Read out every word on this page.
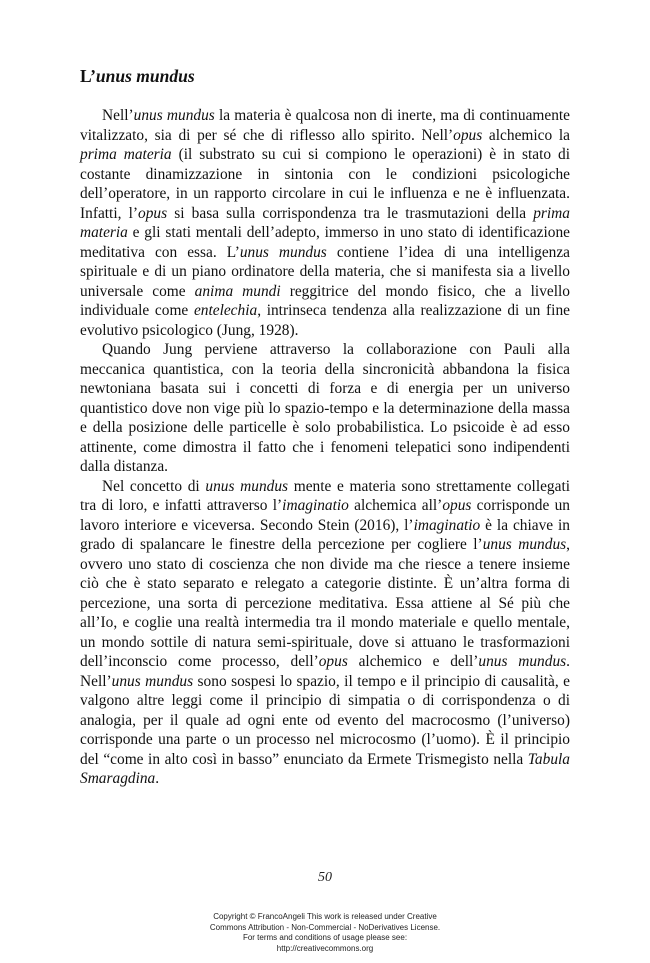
L’unus mundus

Nell’unus mundus la materia è qualcosa non di inerte, ma di continuamente vitalizzato, sia di per sé che di riflesso allo spirito. Nell’opus alchemico la prima materia (il substrato su cui si compiono le operazioni) è in stato di costante dinamizzazione in sintonia con le condizioni psicologiche dell’operatore, in un rapporto circolare in cui le influenza e ne è influenzata. Infatti, l’opus si basa sulla corrispondenza tra le trasmutazioni della prima materia e gli stati mentali dell’adepto, immerso in uno stato di identificazione meditativa con essa. L’unus mundus contiene l’idea di una intelligenza spirituale e di un piano ordinatore della materia, che si manifesta sia a livello universale come anima mundi reggitrice del mondo fisico, che a livello individuale come entelechia, intrinseca tendenza alla realizzazione di un fine evolutivo psicologico (Jung, 1928).

Quando Jung perviene attraverso la collaborazione con Pauli alla meccanica quantistica, con la teoria della sincronicità abbandona la fisica newtoniana basata sui i concetti di forza e di energia per un universo quantistico dove non vige più lo spazio-tempo e la determinazione della massa e della posizione delle particelle è solo probabilistica. Lo psicoide è ad esso attinente, come dimostra il fatto che i fenomeni telepatici sono indipendenti dalla distanza.

Nel concetto di unus mundus mente e materia sono strettamente collegati tra di loro, e infatti attraverso l’imaginatio alchemica all’opus corrisponde un lavoro interiore e viceversa. Secondo Stein (2016), l’imaginatio è la chiave in grado di spalancare le finestre della percezione per cogliere l’unus mundus, ovvero uno stato di coscienza che non divide ma che riesce a tenere insieme ciò che è stato separato e relegato a categorie distinte. È un’altra forma di percezione, una sorta di percezione meditativa. Essa attiene al Sé più che all’Io, e coglie una realtà intermedia tra il mondo materiale e quello mentale, un mondo sottile di natura semi-spirituale, dove si attuano le trasformazioni dell’inconscio come processo, dell’opus alchemico e dell’unus mundus. Nell’unus mundus sono sospesi lo spazio, il tempo e il principio di causalità, e valgono altre leggi come il principio di simpatia o di corrispondenza o di analogia, per il quale ad ogni ente od evento del macrocosmo (l’universo) corrisponde una parte o un processo nel microcosmo (l’uomo). È il principio del “come in alto così in basso” enunciato da Ermete Trismegisto nella Tabula Smaragdina.

50
Copyright © FrancoAngeli This work is released under Creative
Commons Attribution - Non-Commercial - NoDerivatives License.
For terms and conditions of usage please see:
http://creativecommons.org
